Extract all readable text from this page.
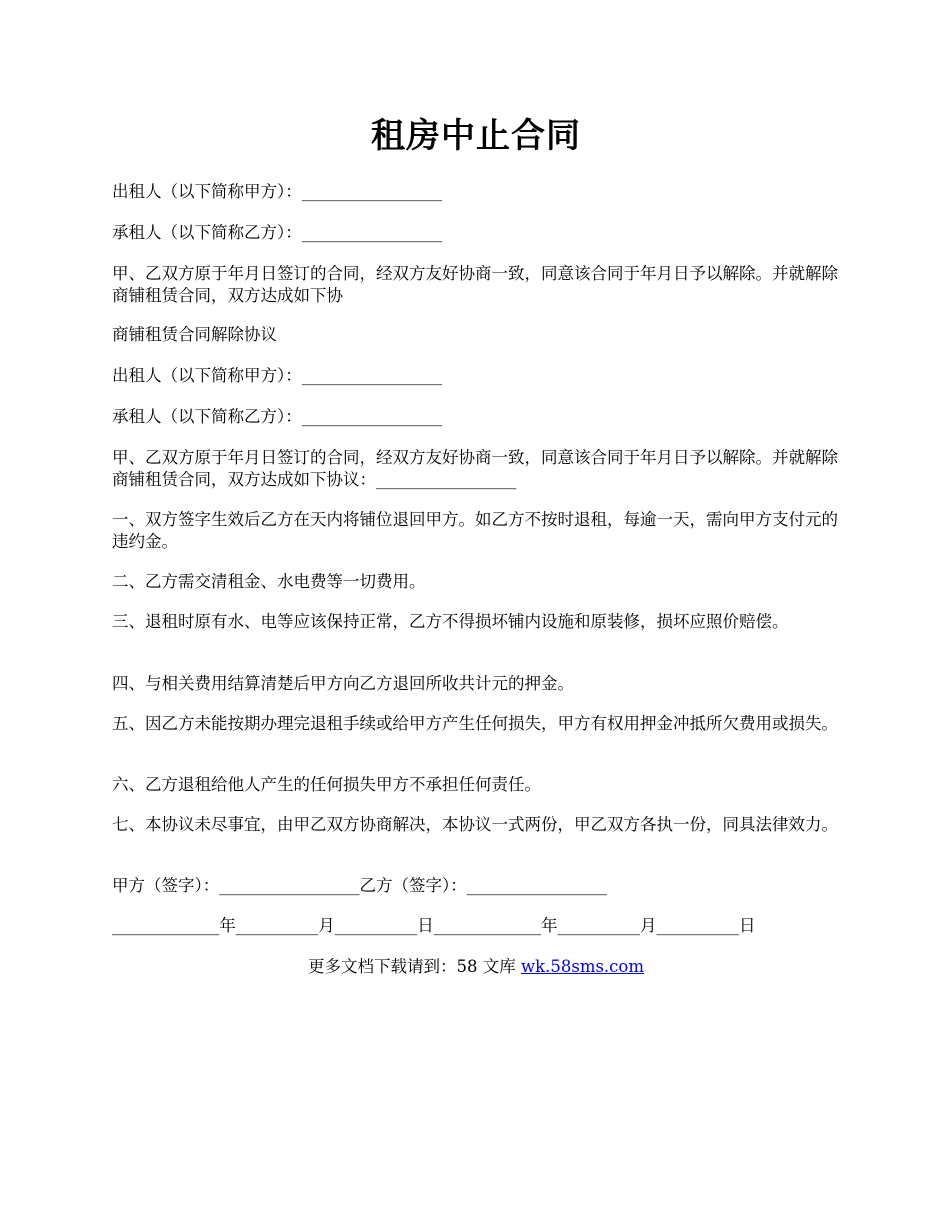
租房中止合同
出租人（以下简称甲方）：_________________
承租人（以下简称乙方）：_________________
甲、乙双方原于年月日签订的合同，经双方友好协商一致，同意该合同于年月日予以解除。并就解除商铺租赁合同，双方达成如下协
商铺租赁合同解除协议
出租人（以下简称甲方）：_________________
承租人（以下简称乙方）：_________________
甲、乙双方原于年月日签订的合同，经双方友好协商一致，同意该合同于年月日予以解除。并就解除商铺租赁合同，双方达成如下协议：_________________
一、双方签字生效后乙方在天内将铺位退回甲方。如乙方不按时退租，每逾一天，需向甲方支付元的违约金。
二、乙方需交清租金、水电费等一切费用。
三、退租时原有水、电等应该保持正常，乙方不得损坏铺内设施和原装修，损坏应照价赔偿。
四、与相关费用结算清楚后甲方向乙方退回所收共计元的押金。
五、因乙方未能按期办理完退租手续或给甲方产生任何损失，甲方有权用押金冲抵所欠费用或损失。
六、乙方退租给他人产生的任何损失甲方不承担任何责任。
七、本协议未尽事宜，由甲乙双方协商解决，本协议一式两份，甲乙双方各执一份，同具法律效力。
甲方（签字）：_________________乙方（签字）：_________________
_____________年__________月__________日_____________年__________月__________日
更多文档下载请到：58 文库 wk.58sms.com
